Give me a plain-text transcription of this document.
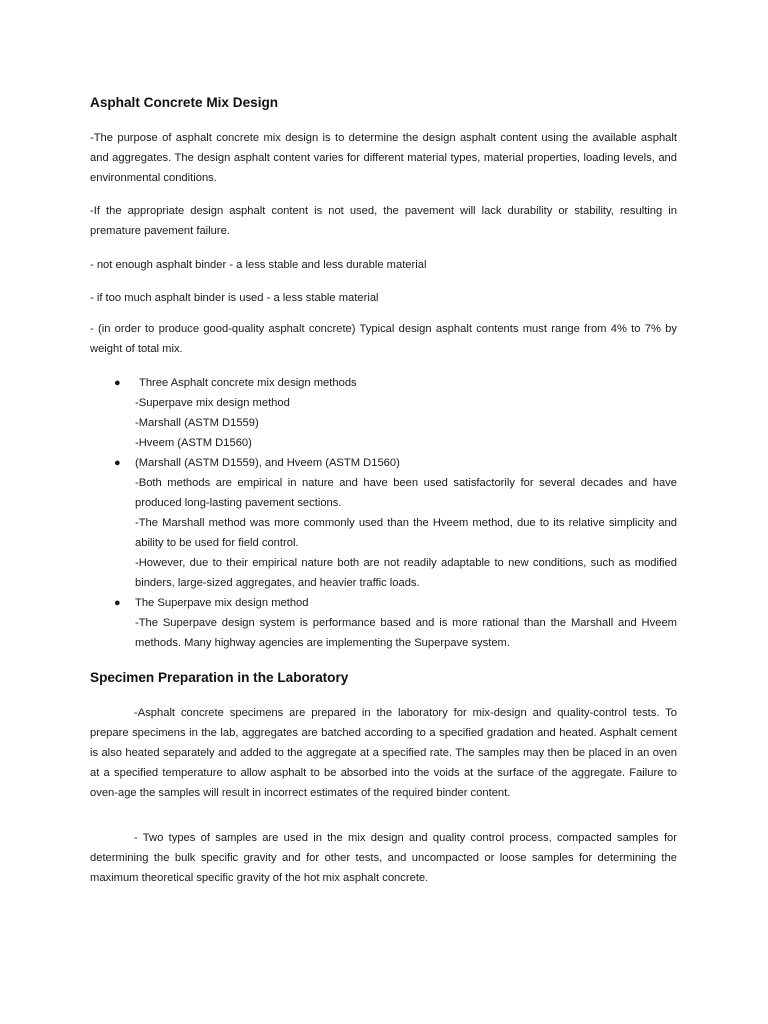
Asphalt Concrete Mix Design

-The purpose of asphalt concrete mix design is to determine the design asphalt content using the available asphalt and aggregates. The design asphalt content varies for different material types, material properties, loading levels, and environmental conditions.

-If the appropriate design asphalt content is not used, the pavement will lack durability or stability, resulting in premature pavement failure.

- not enough asphalt binder - a less stable and less durable material

- if too much asphalt binder is used - a less stable material

- (in order to produce good-quality asphalt concrete) Typical design asphalt contents must range from 4% to 7% by weight of total mix.

●	Three Asphalt concrete mix design methods
-Superpave mix design method
-Marshall (ASTM D1559)
-Hveem (ASTM D1560)
● (Marshall (ASTM D1559), and Hveem (ASTM D1560)
-Both methods are empirical in nature and have been used satisfactorily for several decades and have produced long-lasting pavement sections.
-The Marshall method was more commonly used than the Hveem method, due to its relative simplicity and ability to be used for field control.
-However, due to their empirical nature both are not readily adaptable to new conditions, such as modified binders, large-sized aggregates, and heavier traffic loads.
● The Superpave mix design method
-The Superpave design system is performance based and is more rational than the Marshall and Hveem methods. Many highway agencies are implementing the Superpave system.
Specimen Preparation in the Laboratory

-Asphalt concrete specimens are prepared in the laboratory for mix-design and quality-control tests. To prepare specimens in the lab, aggregates are batched according to a specified gradation and heated. Asphalt cement is also heated separately and added to the aggregate at a specified rate. The samples may then be placed in an oven at a specified temperature to allow asphalt to be absorbed into the voids at the surface of the aggregate. Failure to oven-age the samples will result in incorrect estimates of the required binder content.

- Two types of samples are used in the mix design and quality control process, compacted samples for determining the bulk specific gravity and for other tests, and uncompacted or loose samples for determining the maximum theoretical specific gravity of the hot mix asphalt concrete.
